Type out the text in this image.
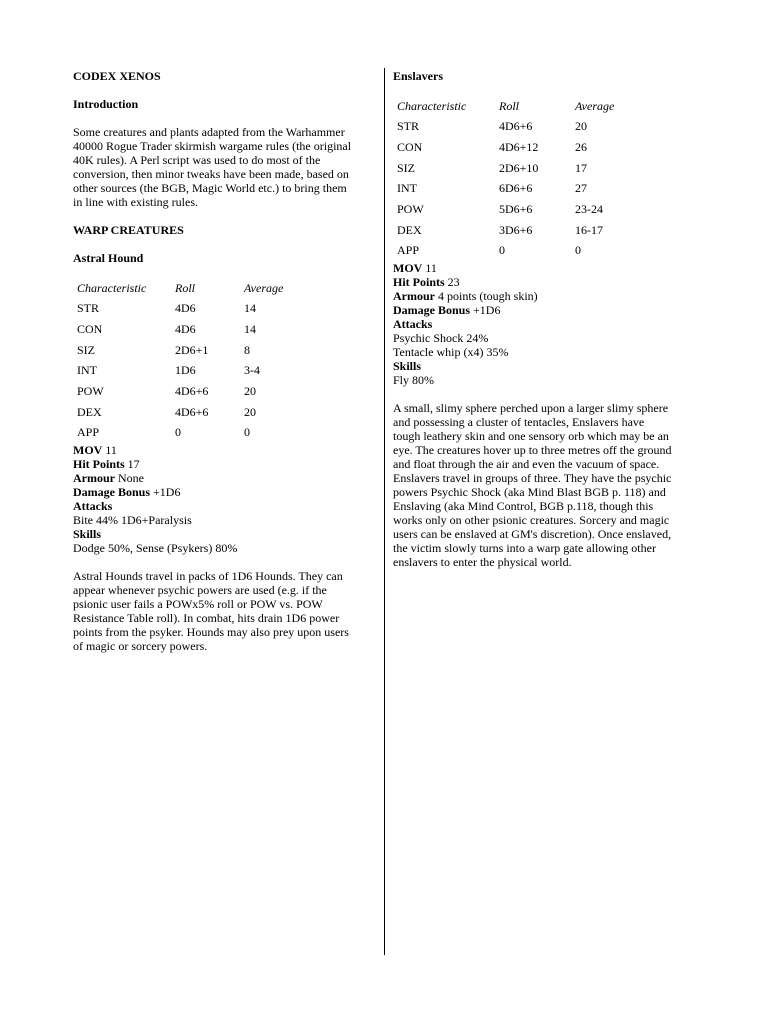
CODEX XENOS

Introduction

Some creatures and plants adapted from the Warhammer
40000 Rogue Trader skirmish wargame rules (the original
40K rules). A Perl script was used to do most of the
conversion, then minor tweaks have been made, based on
other sources (the BGB, Magic World etc.) to bring them
in line with existing rules.

WARP CREATURES

Astral Hound

Characteristic	Roll	Average
STR	4D6	14
CON	4D6	14
SIZ	2D6+1	8
INT	1D6	3-4
POW	4D6+6	20
DEX	4D6+6	20
APP	0	0

MOV 11

Hit Points 17

Armour None

Damage Bonus +1D6

Attacks

Bite 44% 1D6+Paralysis

Skills

Dodge 50%, Sense (Psykers) 80%

Astral Hounds travel in packs of 1D6 Hounds. They can
appear whenever psychic powers are used (e.g. if the
psionic user fails a POWx5% roll or POW vs. POW
Resistance Table roll). In combat, hits drain 1D6 power
points from the psyker. Hounds may also prey upon users
of magic or sorcery powers.

Enslavers

Characteristic	Roll	Average
STR	4D6+6	20
CON	4D6+12	26
SIZ	2D6+10	17
INT	6D6+6	27
POW	5D6+6	23-24
DEX	3D6+6	16-17
APP	0	0

MOV 11

Hit Points 23

Armour 4 points (tough skin)

Damage Bonus +1D6

Attacks

Psychic Shock 24%

Tentacle whip (x4) 35%

Skills

Fly 80%

A small, slimy sphere perched upon a larger slimy sphere
and possessing a cluster of tentacles, Enslavers have
tough leathery skin and one sensory orb which may be an
eye. The creatures hover up to three metres off the ground
and float through the air and even the vacuum of space.
Enslavers travel in groups of three. They have the psychic
powers Psychic Shock (aka Mind Blast BGB p. 118) and
Enslaving (aka Mind Control, BGB p.118, though this
works only on other psionic creatures. Sorcery and magic
users can be enslaved at GM's discretion). Once enslaved,
the victim slowly turns into a warp gate allowing other
enslavers to enter the physical world.
